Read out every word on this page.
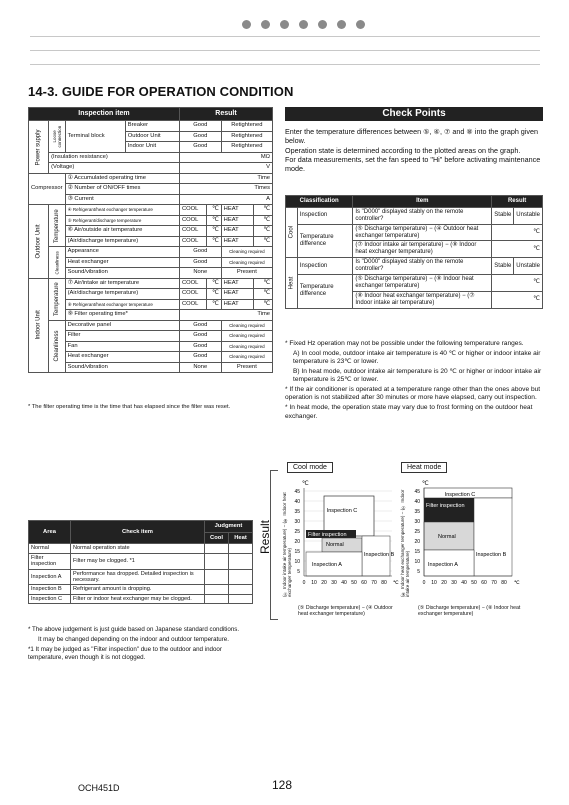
14-3. GUIDE FOR OPERATION CONDITION
Inspection item				Result			
Power supply	Loose connection	Terminal block	Breaker	Good		Retightened	
			Outdoor Unit	Good		Retightened	
			Indoor Unit	Good		Retightened	
	(Insulation resistance)			MΩ			
	(Voltage)			V			
Compressor		① Accumulated operating time		Time			
		② Number of ON/OFF times		Times			
		③ Current		A			
Outdoor Unit	Temperature	④ Refrigerant/heat exchanger temperature		COOL	℃	HEAT	℃
		⑤ Refrigerant/discharge temperature		COOL	℃	HEAT	℃
		⑥ Air/outside air temperature		COOL	℃	HEAT	℃
		(Air/discharge temperature)		COOL	℃	HEAT	℃
	Cleanliness	Appearance		Good		Cleaning required	
		Heat exchanger		Good		Cleaning required	
		Sound/vibration		None		Present	
Indoor Unit	Temperature	⑦ Air/intake air temperature		COOL	℃	HEAT	℃
		(Air/discharge temperature)		COOL	℃	HEAT	℃
		⑧ Refrigerant/heat exchanger temperature		COOL	℃	HEAT	℃
		⑨ Filter operating time*		Time			
	Cleanliness	Decorative panel		Good		Cleaning required	
		Filter		Good		Cleaning required	
		Fan		Good		Cleaning required	
		Heat exchanger		Good		Cleaning required	
		Sound/vibration		None		Present	
* The filter operating time is the time that has elapsed since the filter was reset.
Check Points

Enter the temperature differences between ⑤, ④, ⑦ and ⑧ into the graph given below.

Operation state is determined according to the plotted areas on the graph.

For data measurements, set the fan speed to "Hi" before activating maintenance mode.

Classification		Item	Result	
Cool	Inspection	Is "D000" displayed stably on the remote controller?	Stable	Unstable
	Temperature difference	(⑤ Discharge temperature) − (④ Outdoor heat exchanger temperature)	℃	
		(⑦ Indoor intake air temperature) − (⑧ Indoor heat exchanger temperature)	℃	
Heat	Inspection	Is "D000" displayed stably on the remote controller?	Stable	Unstable
	Temperature difference	(⑤ Discharge temperature) − (⑧ Indoor heat exchanger temperature)	℃	
		(⑧ Indoor heat exchanger temperature) − (⑦ Indoor intake air temperature)	℃	

* Fixed Hz operation may not be possible under the following temperature ranges.

A) In cool mode, outdoor intake air temperature is 40 ℃ or higher or indoor intake air temperature is 23℃ or lower.

B) In heat mode, outdoor intake air temperature is 20 ℃ or higher or indoor intake air temperature is 25℃ or lower.

* If the air conditioner is operated at a temperature range other than the ones above but operation is not stabilized after 30 minutes or more have elapsed, carry out inspection.

* In heat mode, the operation state may vary due to frost forming on the outdoor heat exchanger.

Area	Check item	Judgment	
		Cool	Heat
Normal	Normal operation state		
Filter inspection	Filter may be clogged. *1		
Inspection A	Performance has dropped. Detailed inspection is necessary.		
Inspection B	Refrigerant amount is dropping.		
Inspection C	Filter or indoor heat exchanger may be clogged.		

* The above judgement is just guide based on Japanese standard conditions.

It may be changed depending on the indoor and outdoor temperature.

*1 It may be judged as "Filter inspection" due to the outdoor and indoor temperature, even though it is not clogged.

Result
Cool mode
(⑦ Indoor intake air temperature) − (⑧ Indoor heat exchanger temperature)
℃
45
40
35
30
25
20
15
10
5
Inspection C
Filter inspection
Normal
Inspection B
Inspection A
0 10 20 30 40 50 60 70 80 ℃
(⑤ Discharge temperature) − (④ Outdoor heat exchanger temperature)
Heat mode
(⑧ Indoor heat exchanger temperature) − (⑦ Indoor intake air temperature)
℃
45
40
35
30
25
20
15
10
5
Inspection C
Filter inspection
Normal
Inspection B
Inspection A
0 10 20 30 40 50 60 70 80 ℃
(⑤ Discharge temperature) − (⑧ Indoor heat exchanger temperature)
OCH451D	128
